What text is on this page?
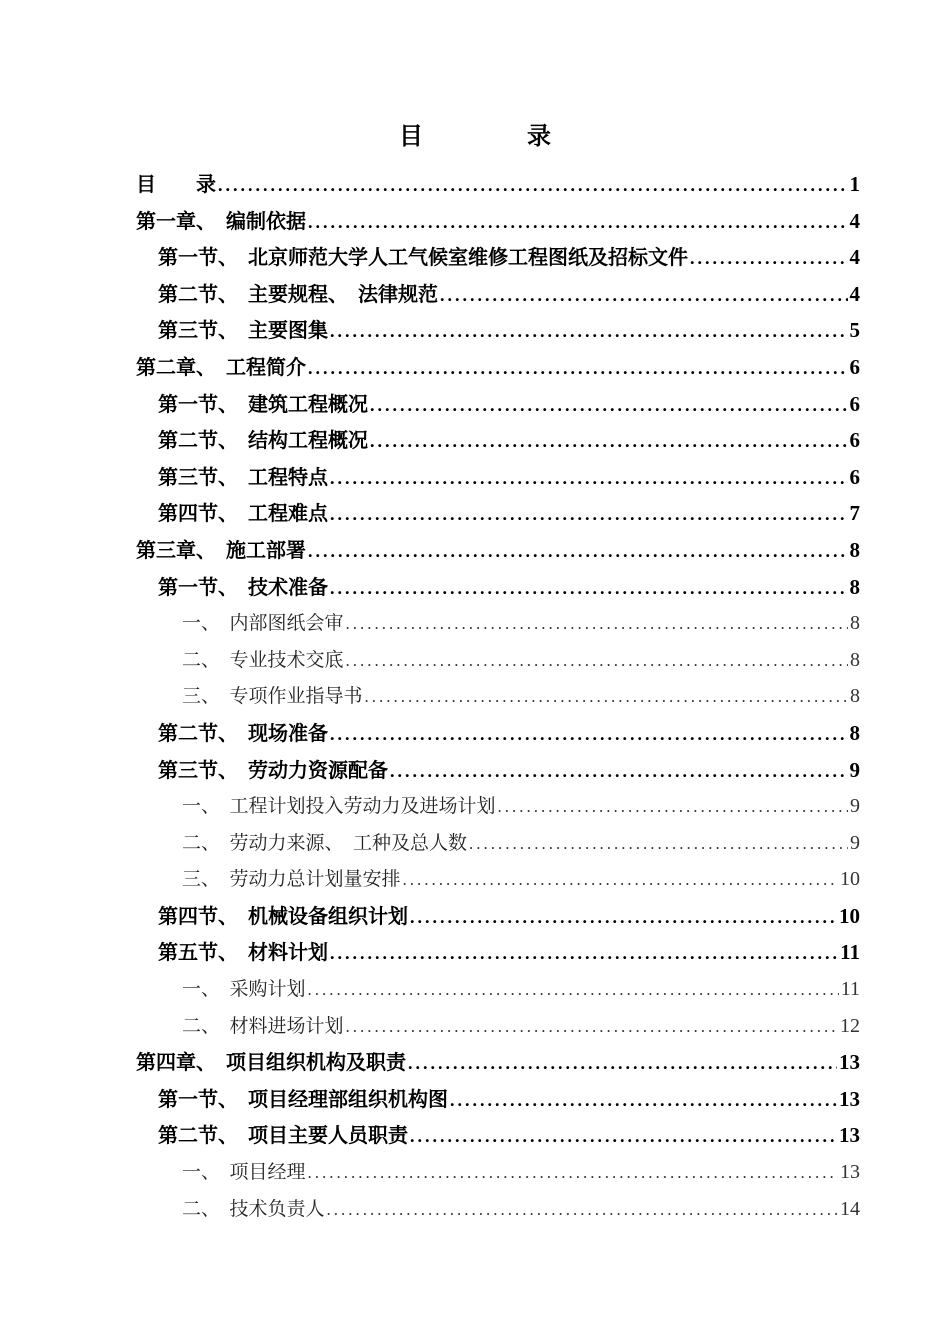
目　录
目　　录 .....	1
第一章、　编制依据 .....	4
第一节、　北京师范大学人工气候室维修工程图纸及招标文件 .....	4
第二节、　主要规程、　法律规范 .....	4
第三节、　主要图集 .....	5
第二章、　工程简介 .....	6
第一节、　建筑工程概况 .....	6
第二节、　结构工程概况 .....	6
第三节、　工程特点 .....	6
第四节、　工程难点 .....	7
第三章、　施工部署 .....	8
第一节、　技术准备 .....	8
一、　内部图纸会审 .....	8
二、　专业技术交底 .....	8
三、　专项作业指导书 .....	8
第二节、　现场准备 .....	8
第三节、　劳动力资源配备 .....	9
一、　工程计划投入劳动力及进场计划 .....	9
二、　劳动力来源、　工种及总人数 .....	9
三、　劳动力总计划量安排 .....	10
第四节、　机械设备组织计划 .....	10
第五节、　材料计划 .....	11
一、　采购计划 .....	11
二、　材料进场计划 .....	12
第四章、　项目组织机构及职责 .....	13
第一节、　项目经理部组织机构图 .....	13
第二节、　项目主要人员职责 .....	13
一、　项目经理 .....	13
二、　技术负责人 .....	14
